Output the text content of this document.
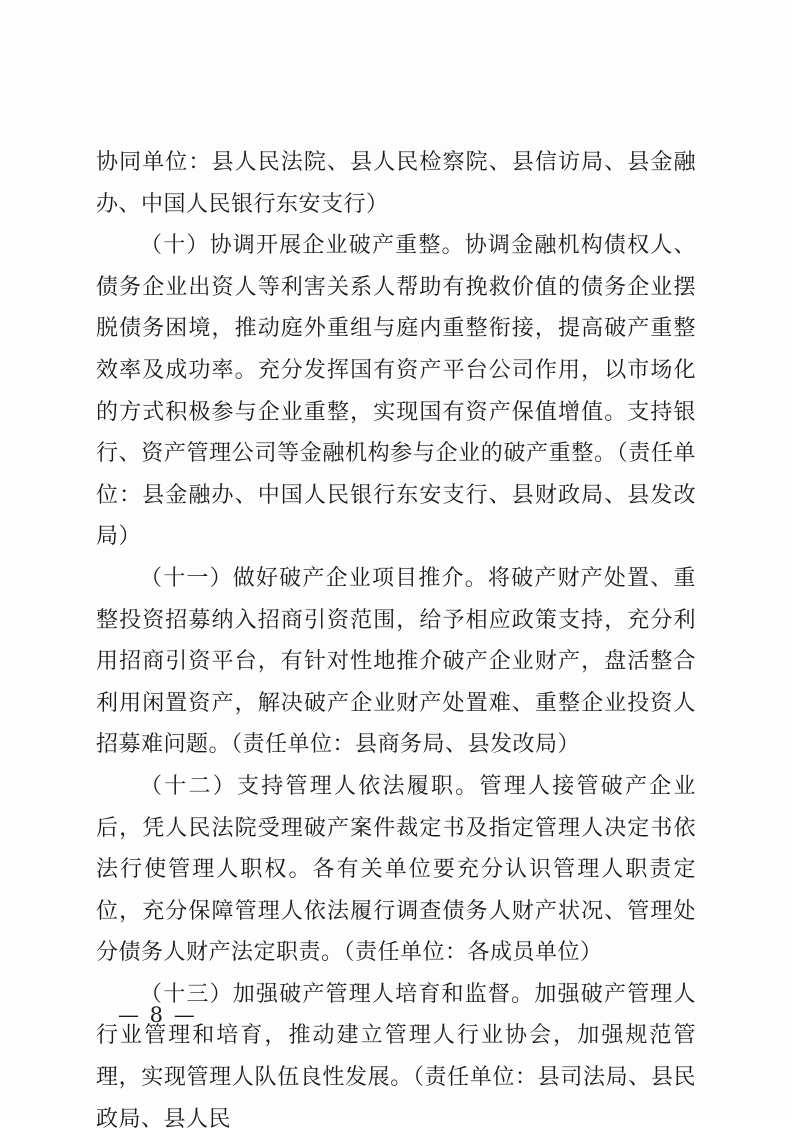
协同单位：县人民法院、县人民检察院、县信访局、县金融办、中国人民银行东安支行）

（十）协调开展企业破产重整。协调金融机构债权人、债务企业出资人等利害关系人帮助有挽救价值的债务企业摆脱债务困境，推动庭外重组与庭内重整衔接，提高破产重整效率及成功率。充分发挥国有资产平台公司作用，以市场化的方式积极参与企业重整，实现国有资产保值增值。支持银行、资产管理公司等金融机构参与企业的破产重整。（责任单位：县金融办、中国人民银行东安支行、县财政局、县发改局）

（十一）做好破产企业项目推介。将破产财产处置、重整投资招募纳入招商引资范围，给予相应政策支持，充分利用招商引资平台，有针对性地推介破产企业财产，盘活整合利用闲置资产，解决破产企业财产处置难、重整企业投资人招募难问题。（责任单位：县商务局、县发改局）

（十二）支持管理人依法履职。管理人接管破产企业后，凭人民法院受理破产案件裁定书及指定管理人决定书依法行使管理人职权。各有关单位要充分认识管理人职责定位，充分保障管理人依法履行调查债务人财产状况、管理处分债务人财产法定职责。（责任单位：各成员单位）

（十三）加强破产管理人培育和监督。加强破产管理人行业管理和培育，推动建立管理人行业协会，加强规范管理，实现管理人队伍良性发展。（责任单位：县司法局、县民政局、县人民

— 8 —
